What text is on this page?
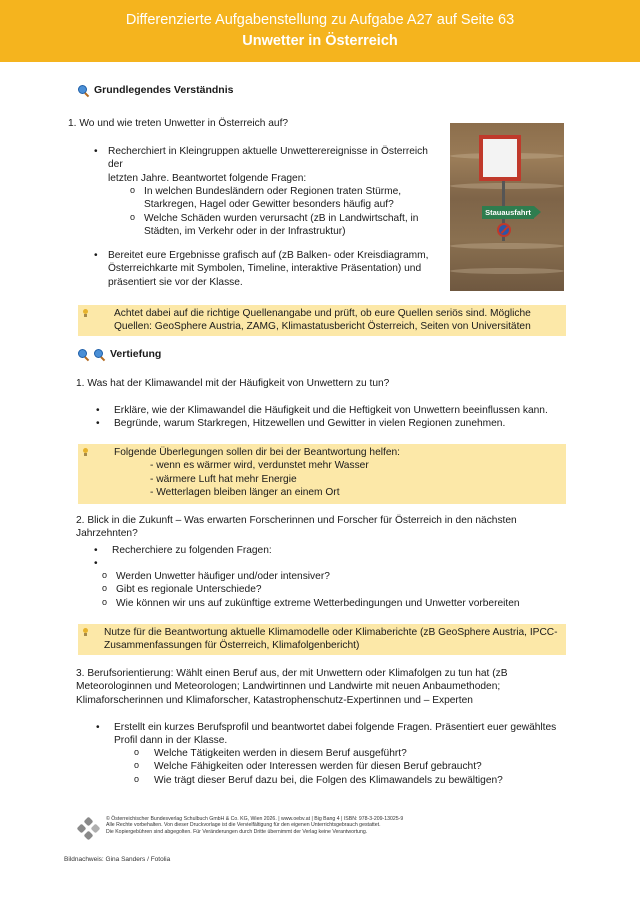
Differenzierte Aufgabenstellung zu Aufgabe A27 auf Seite 63
Unwetter in Österreich
Grundlegendes Verständnis
1. Wo und wie treten Unwetter in Österreich auf?
•	Recherchiert in Kleingruppen aktuelle Unwetterereignisse in Österreich der
letzten Jahre. Beantwortet folgende Fragen:
o In welchen Bundesländern oder Regionen traten Stürme,
Starkregen, Hagel oder Gewitter besonders häufig auf?
o Welche Schäden wurden verursacht (zB in Landwirtschaft, in
Städten, im Verkehr oder in der Infrastruktur)
•	Bereitet eure Ergebnisse grafisch auf (zB Balken- oder Kreisdiagramm,
Österreichkarte mit Symbolen, Timeline, interaktive Präsentation) und
präsentiert sie vor der Klasse.
Stauausfahrt
Achtet dabei auf die richtige Quellenangabe und prüft, ob eure Quellen seriös sind. Mögliche
Quellen: GeoSphere Austria, ZAMG, Klimastatusbericht Österreich, Seiten von Universitäten
Vertiefung
1. Was hat der Klimawandel mit der Häufigkeit von Unwettern zu tun?
•	Erkläre, wie der Klimawandel die Häufigkeit und die Heftigkeit von Unwettern beeinflussen kann.
•	Begründe, warum Starkregen, Hitzewellen und Gewitter in vielen Regionen zunehmen.
Folgende Überlegungen sollen dir bei der Beantwortung helfen:
- wenn es wärmer wird, verdunstet mehr Wasser
- wärmere Luft hat mehr Energie
- Wetterlagen bleiben länger an einem Ort
2. Blick in die Zukunft – Was erwarten Forscherinnen und Forscher für Österreich in den nächsten Jahrzehnten?
•	Recherchiere zu folgenden Fragen:
•
o Werden Unwetter häufiger und/oder intensiver?
o Gibt es regionale Unterschiede?
o Wie können wir uns auf zukünftige extreme Wetterbedingungen und Unwetter vorbereiten
Nutze für die Beantwortung aktuelle Klimamodelle oder Klimaberichte (zB GeoSphere Austria, IPCC-
Zusammenfassungen für Österreich, Klimafolgenbericht)
3. Berufsorientierung: Wählt einen Beruf aus, der mit Unwettern oder Klimafolgen zu tun hat (zB
Meteorologinnen und Meteorologen; Landwirtinnen und Landwirte mit neuen Anbaumethoden;
Klimaforscherinnen und Klimaforscher, Katastrophenschutz-Expertinnen und – Experten
•	Erstellt ein kurzes Berufsprofil und beantwortet dabei folgende Fragen. Präsentiert euer gewähltes
Profil dann in der Klasse.
o	Welche Tätigkeiten werden in diesem Beruf ausgeführt?
o	Welche Fähigkeiten oder Interessen werden für diesen Beruf gebraucht?
o	Wie trägt dieser Beruf dazu bei, die Folgen des Klimawandels zu bewältigen?
© Österreichischer Bundesverlag Schulbuch GmbH & Co. KG, Wien 2026. | www.oebv.at | Big Bang 4 | ISBN: 978-3-209-13025-9
Alle Rechte vorbehalten. Von dieser Druckvorlage ist die Vervielfältigung für den eigenen Unterrichtsgebrauch gestattet.
Die Kopiergebühren sind abgegolten. Für Veränderungen durch Dritte übernimmt der Verlag keine Verantwortung.
Bildnachweis: Gina Sanders / Fotolia
